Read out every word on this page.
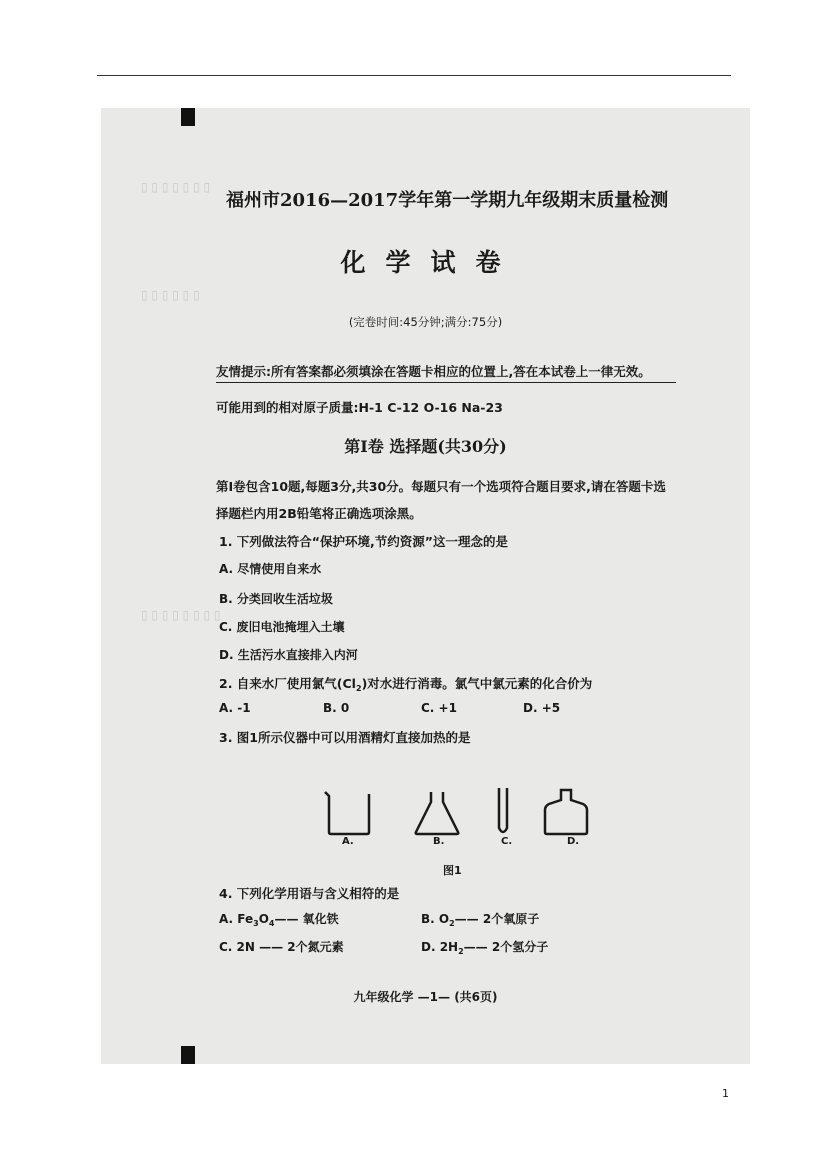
▯ ▯ ▯ ▯ ▯ ▯ ▯
▯ ▯ ▯ ▯ ▯ ▯
▯ ▯ ▯ ▯ ▯ ▯ ▯ ▯
福州市2016—2017学年第一学期九年级期末质量检测
化学试卷
(完卷时间:45分钟;满分:75分)
友情提示:所有答案都必须填涂在答题卡相应的位置上,答在本试卷上一律无效。
可能用到的相对原子质量:H-1 C-12 O-16 Na-23
第Ⅰ卷 选择题(共30分)
第Ⅰ卷包含10题,每题3分,共30分。每题只有一个选项符合题目要求,请在答题卡选
择题栏内用2B铅笔将正确选项涂黑。
1. 下列做法符合“保护环境,节约资源”这一理念的是
A. 尽情使用自来水
B. 分类回收生活垃圾
C. 废旧电池掩埋入土壤
D. 生活污水直接排入内河
2. 自来水厂使用氯气$(Cl_2)$对水进行消毒。氯气中氯元素的化合价为
A. -1	B. 0	C. +1	D. +5
3. 图1所示仪器中可以用酒精灯直接加热的是
A.	B.	C.	D.
图1
4. 下列化学用语与含义相符的是
A. $Fe_3O_4——$ 氧化铁	B. $O_2——$ 2个氧原子
C. 2N —— 2个氮元素	D. $2H_2——$ 2个氢分子
九年级化学 —1— (共6页)
1
